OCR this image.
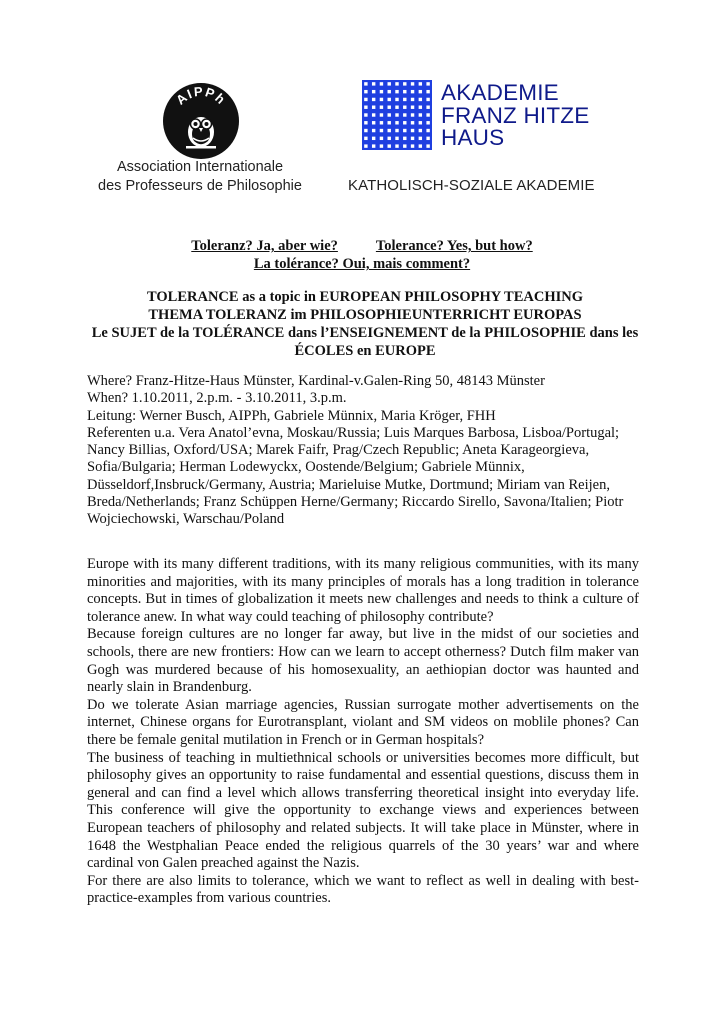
AIPPh
Association Internationale
des Professeurs de Philosophie
AKADEMIE
FRANZ HITZE
HAUS
KATHOLISCH-SOZIALE AKADEMIE
Toleranz? Ja, aber wie?	Tolerance? Yes, but how?
La tolérance? Oui, mais comment?
TOLERANCE as a topic in EUROPEAN PHILOSOPHY TEACHING
THEMA TOLERANZ im PHILOSOPHIEUNTERRICHT EUROPAS
Le SUJET de la TOLÉRANCE dans l’ENSEIGNEMENT de la PHILOSOPHIE dans les ÉCOLES en EUROPE

Where? Franz-Hitze-Haus Münster, Kardinal-v.Galen-Ring 50, 48143 Münster

When? 1.10.2011, 2.p.m. - 3.10.2011, 3.p.m.

Leitung: Werner Busch, AIPPh, Gabriele Münnix, Maria Kröger, FHH

Referenten u.a. Vera Anatol’evna, Moskau/Russia; Luis Marques Barbosa, Lisboa/Portugal; Nancy Billias, Oxford/USA; Marek Faifr, Prag/Czech Republic; Aneta Karageorgieva, Sofia/Bulgaria; Herman Lodewyckx, Oostende/Belgium; Gabriele Münnix, Düsseldorf,Insbruck/Germany, Austria; Marieluise Mutke, Dortmund; Miriam van Reijen, Breda/Netherlands; Franz Schüppen Herne/Germany; Riccardo Sirello, Savona/Italien; Piotr Wojciechowski, Warschau/Poland

Europe with its many different traditions, with its many religious communities, with its many minorities and majorities, with its many principles of morals has a long tradition in tolerance concepts. But in times of globalization it meets new challenges and needs to think a culture of tolerance anew. In what way could teaching of philosophy contribute?

Because foreign cultures are no longer far away, but live in the midst of our societies and schools, there are new frontiers: How can we learn to accept otherness? Dutch film maker van Gogh was murdered because of his homosexuality, an aethiopian doctor was haunted and nearly slain in Brandenburg.

Do we tolerate Asian marriage agencies, Russian surrogate mother advertisements on the internet, Chinese organs for Eurotransplant, violant and SM videos on moblile phones? Can there be female genital mutilation in French or in German hospitals?

The business of teaching in multiethnical schools or universities becomes more difficult, but philosophy gives an opportunity to raise fundamental and essential questions, discuss them in general and can find a level which allows transferring theoretical insight into everyday life. This conference will give the opportunity to exchange views and experiences between European teachers of philosophy and related subjects. It will take place in Münster, where in 1648 the Westphalian Peace ended the religious quarrels of the 30 years’ war and where cardinal von Galen preached against the Nazis.

For there are also limits to tolerance, which we want to reflect as well in dealing with best-practice-examples from various countries.
